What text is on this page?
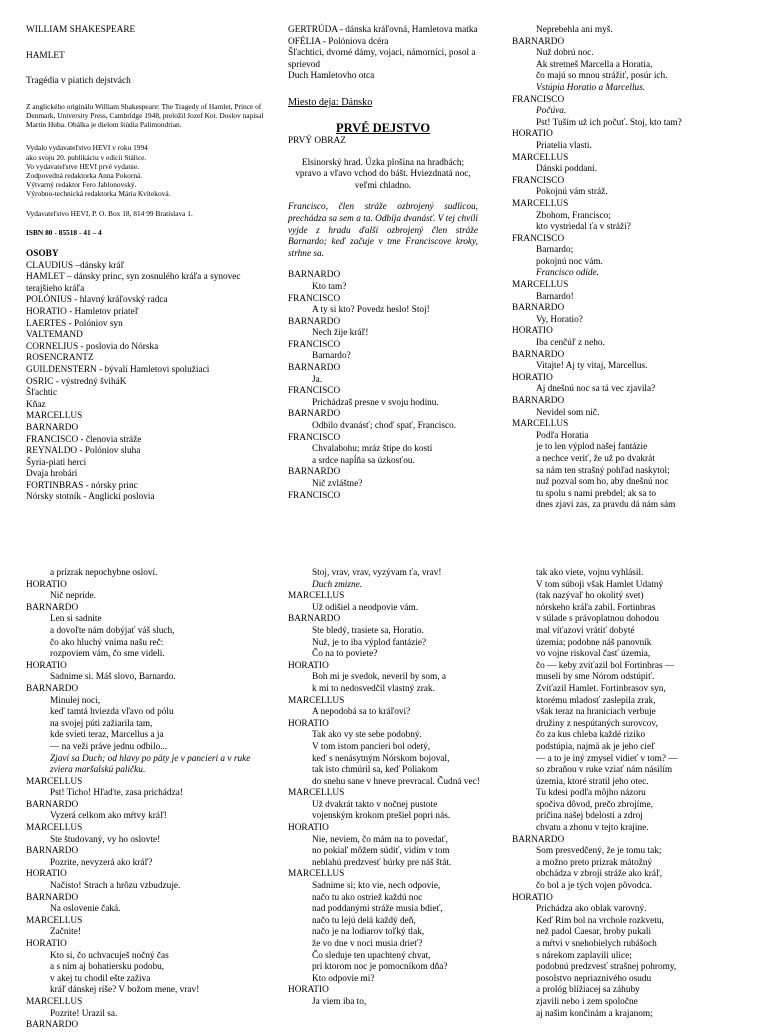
WILLIAM SHAKESPEARE

HAMLET

Tragédia v piatich dejstvách

Z anglického originálu William Shakespeare: The Tragedy of Hamlet, Prince of Denmark, University Press, Cambridge 1948, preložil Jozef Kot. Doslov napísal Martin Huba. Obálka je dielom štúdia Palimondrian.

Vydalo vydavateľstvo HEVI v roku 1994

ako svoju 20. publikáciu v edícii Stálice.

Vo vydavateľstve HEVI prvé vydanie.

Zodpovedná redaktorka Anna Pokorná.

Výtvarný redaktor Fero Jablonovský.

Výrobno-technická redaktorka Mária Kvíteková.

Vydavateľstvo HEVI, P. O. Box 18, 814 99 Bratislava 1.

ISBN 80 - 85518 - 41 – 4

OSOBY

CLAUDIUS –dánsky kráľ

HAMLET – dánsky princ, syn zosnulého kráľa a synovec terajšieho kráľa

POLÓNIUS - hlavný kráľovský radca

HORATIO - Hamletov priateľ

LAERTES - Polóniov syn

VALTEMAND

CORNELIUS - poslovia do Nórska

ROSENCRANTZ

GUILDENSTERN - bývalí Hamletovi spolužiaci

OSRIC - výstredný šviháK

Šľachtic

Kňaz

MARCELLUS

BARNARDO

FRANCISCO - členovia stráže

REYNALDO - Polóniov sluha

Šyria-piati herci

Dvaja hrobári

FORTINBRAS - nórsky princ

Nórsky stotník - Anglickí poslovia

GERTRÚDA - dánska kráľovná, Hamletova matka

OFÉLIA - Polóniova dcéra

Šľachtici, dvorné dámy, vojaci, námorníci, posol a sprievod

Duch Hamletovho otca

Miesto deja: Dánsko

PRVÉ DEJSTVO

PRVÝ OBRAZ

Elsinorský hrad. Úzka plošina na hradbách; vpravo a vľavo vchod do bášt. Hviezdnatá noc, veľmi chladno.

Francisco, člen stráže ozbrojený sudlicou, prechádza sa sem a ta. Odbíja dvanásť. V tej chvíli vyjde z hradu ďalší ozbrojený člen stráže Barnardo; keď začuje v tme Franciscove kroky, strhne sa.

BARNARDO

Kto tam?

FRANCISCO

A ty si kto? Povedz heslo! Stoj!

BARNARDO

Nech žije kráľ!

FRANCISCO

Barnardo?

BARNARDO

Ja.

FRANCISCO

Prichádzaš presne v svoju hodinu.

BARNARDO

Odbilo dvanásť; choď spať, Francisco.

FRANCISCO

Chvalabohu; mráz štípe do kostí

a srdce napĺňa sa úzkosťou.

BARNARDO

Nič zvláštne?

FRANCISCO

Neprebehla ani myš.

BARNARDO

Nuž dobrú noc.

Ak stretneš Marcella a Horatia,

čo majú so mnou strážiť, posúr ich.

Vstúpia Horatio a Marcellus.

FRANCISCO

Počúva.

Pst! Tuším už ich počuť. Stoj, kto tam?

HORATIO

Priatelia vlasti.

MARCELLUS

Dánski poddaní.

FRANCISCO

Pokojnú vám stráž.

MARCELLUS

Zbohom, Francisco;

kto vystriedal ťa v stráži?

FRANCISCO

Barnardo;

pokojnú noc vám.

Francisco odíde.

MARCELLUS

Barnardo!

BARNARDO

Vy, Horatio?

HORATIO

Iba cenčúľ z neho.

BARNARDO

Vitajte! Aj ty vitaj, Marcellus.

HORATIO

Aj dnešnú noc sa tá vec zjavila?

BARNARDO

Nevidel som nič.

MARCELLUS

Podľa Horatia

je to len výplod našej fantázie

a nechce veriť, že už po dvakrát

sa nám ten strašný pohľad naskytol;

nuž pozval som ho, aby dnešnú noc

tu spolu s nami prebdel; ak sa to

dnes zjaví zas, za pravdu dá nám sám

a prízrak nepochybne osloví.

HORATIO

Nič nepríde.

BARNARDO

Len si sadnite

a dovoľte nám dobýjať váš sluch,

čo ako hluchý vníma našu reč:

rozpoviem vám, čo sme videli.

HORATIO

Sadnime si. Máš slovo, Barnardo.

BARNARDO

Minulej noci,

keď tamtá hviezda vľavo od pólu

na svojej púti zažiarila tam,

kde svieti teraz, Marcellus a ja

— na veži práve jednu odbilo...

Zjaví sa Duch; od hlavy po päty je v pancieri a v ruke zviera maršalskú paličku.

MARCELLUS

Pst! Ticho! Hľaďte, zasa prichádza!

BARNARDO

Vyzerá celkom ako mŕtvy kráľ!

MARCELLUS

Ste študovaný, vy ho oslovte!

BARNARDO

Pozrite, nevyzerá ako kráľ?

HORATIO

Načisto! Strach a hrôzu vzbudzuje.

BARNARDO

Na oslovenie čaká.

MARCELLUS

Začnite!

HORATIO

Kto si, čo uchvacuješ nočný čas

a s ním aj bohatiersku podobu,

v akej tu chodil ešte zaživa

kráľ dánskej ríše? V božom mene, vrav!

MARCELLUS

Pozrite! Urazil sa.

BARNARDO

Stoj, vrav, vrav, vyzývam ťa, vrav!

Duch zmizne.

MARCELLUS

Už odišiel a neodpovie vám.

BARNARDO

Ste bledý, trasiete sa, Horatio.

Nuž, je to iba výplod fantázie?

Čo na to poviete?

HORATIO

Boh mi je svedok, neveril by som, a

k mi to nedosvedčil vlastný zrak.

MARCELLUS

A nepodobá sa to kráľovi?

HORATIO

Tak ako vy ste sebe podobný.

V tom istom pancieri bol odetý,

keď s nenásytným Nórskom bojoval,

tak isto chmúril sa, keď Poliakom

do snehu sane v hneve prevracal. Čudná vec!

MARCELLUS

Už dvakrát takto v nočnej pustote

vojenským krokom prešiel popri nás.

HORATIO

Nie, neviem, čo mám na to povedať,

no pokiaľ môžem súdiť, vidím v tom

neblahú predzvesť búrky pre náš štát.

MARCELLUS

Sadnime si; kto vie, nech odpovie,

načo tu ako ostriež každú noc

nad poddanými stráže musia bdieť,

načo tu lejú delá každý deň,

načo je na lodiarov toľký tlak,

že vo dne v noci musia drieť?

Čo sleduje ten upachtený chvat,

pri ktorom noc je pomocníkom dňa?

Kto odpovie mi?

HORATIO

Ja viem iba to,

tak ako viete, vojnu vyhlásil.

V tom súboji však Hamlet Udatný

(tak nazývaľ ho okolitý svet)

nórskeho kráľa zabil. Fortinbras

v súlade s právoplatnou dohodou

mal víťazovi vrátiť dobyté

územia; podobne náš panovník

vo vojne riskoval časť územia,

čo — keby zvíťazil bol Fortinbras —

museli by sme Nórom odstúpiť.

Zvíťazil Hamlet. Fortinbrasov syn,

ktorému mladosť zaslepila zrak,

však teraz na hraniciach verbuje

družiny z nespútaných surovcov,

čo za kus chleba každé riziko

podstúpia, najmä ak je jeho cieľ

— a to je iný zmysel vidieť v tom? —

so zbraňou v ruke vziať nám násilím

územia, ktoré stratil jeho otec.

Tu kdesi podľa môjho názoru

spočíva dôvod, prečo zbrojíme,

príčina našej bdelosti a zdroj

chvatu a zhonu v tejto krajine.

BARNARDO

Som presvedčený, že je tomu tak;

a možno preto prízrak mátožný

obchádza v zbroji stráže ako kráľ,

čo bol a je tých vojen pôvodca.

HORATIO

Prichádza ako oblak varovný.

Keď Rím bol na vrchole rozkvetu,

než padol Caesar, hroby pukali

a mŕtvi v snehobielych rubášoch

s nárekom zaplavili ulice;

podobnú predzvesť strašnej pohromy,

posolstvo nepriaznivého osudu

a prológ blížiacej sa záhuby

zjavili nebo i zem spoločne

aj našim končinám a krajanom;
